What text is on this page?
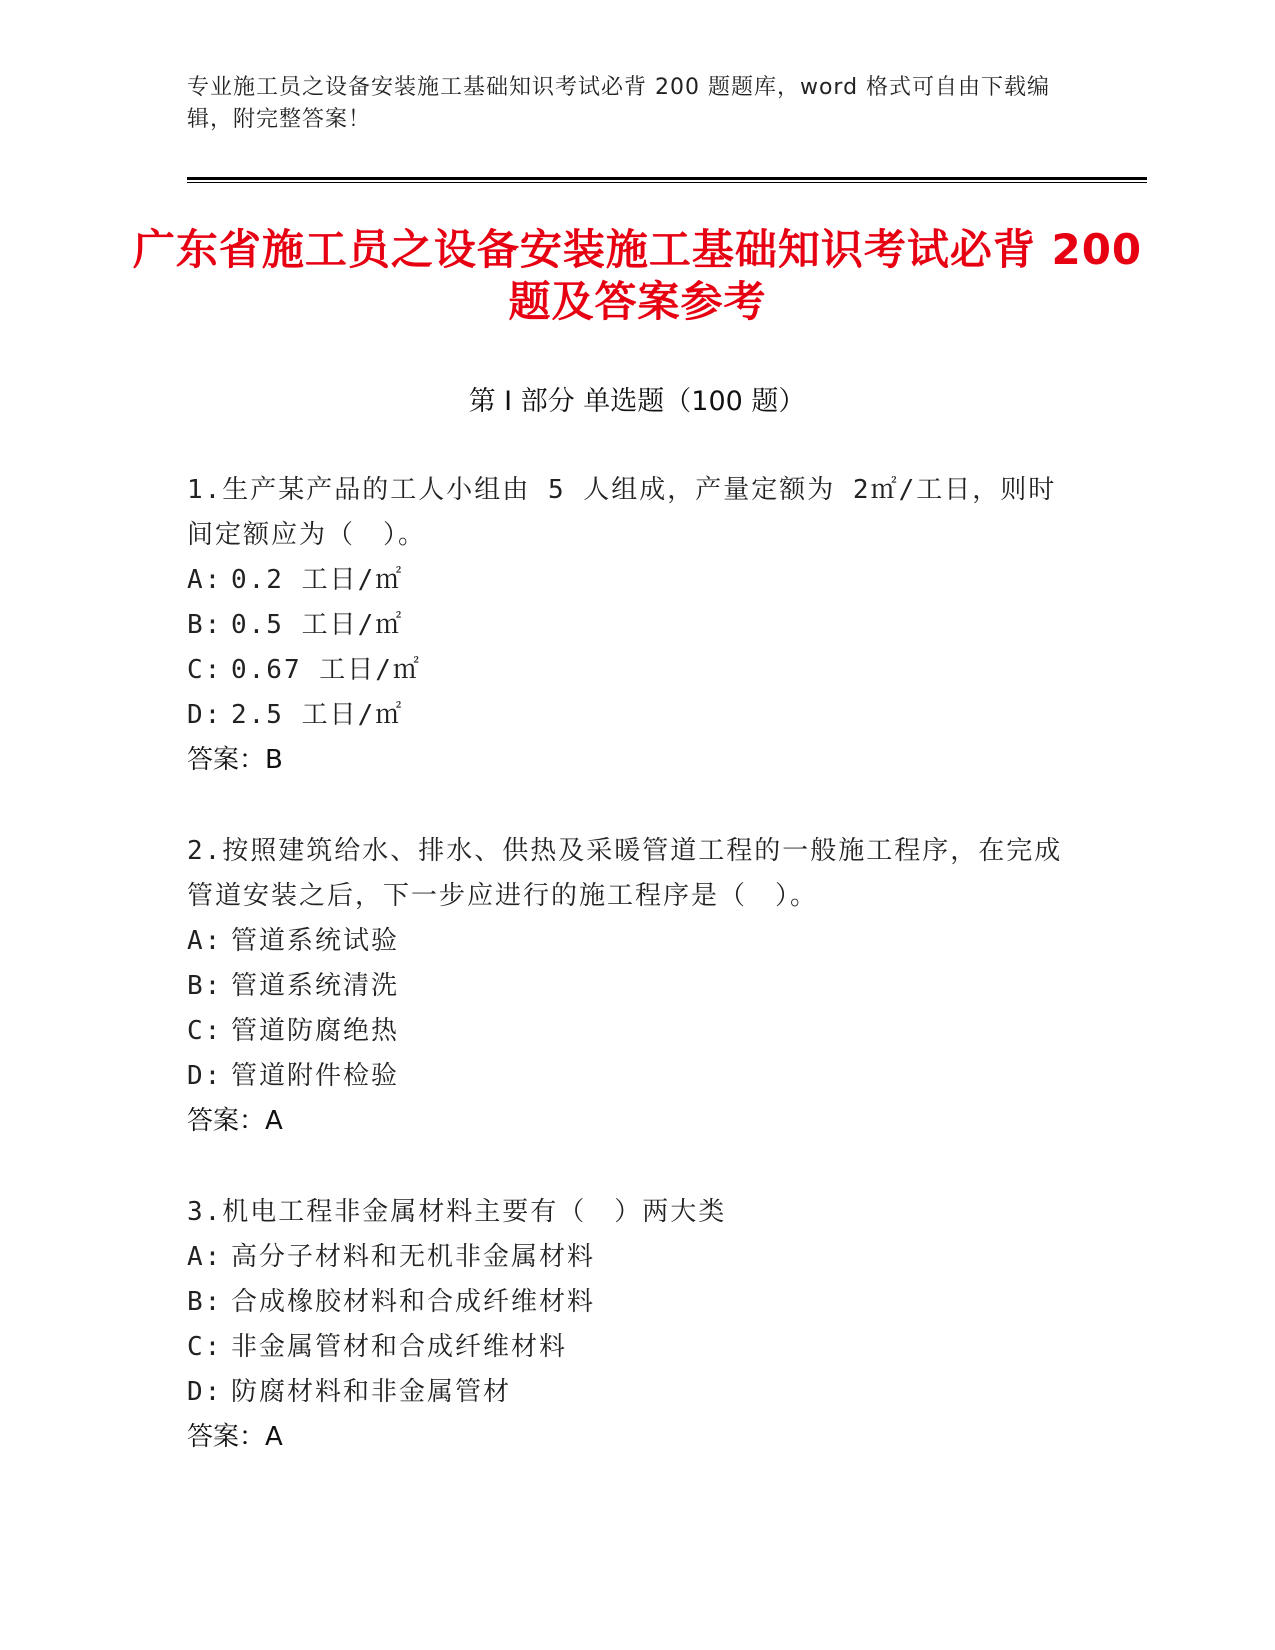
专业施工员之设备安装施工基础知识考试必背 200 题题库，word 格式可自由下载编辑，附完整答案！
广东省施工员之设备安装施工基础知识考试必背 200 题及答案参考
第 I 部分 单选题（100 题）

1.生产某产品的工人小组由 5 人组成，产量定额为 2㎡/工日，则时间定额应为（　）。

A: 0.2 工日/㎡
B: 0.5 工日/㎡
C: 0.67 工日/㎡
D: 2.5 工日/㎡
答案：B

2.按照建筑给水、排水、供热及采暖管道工程的一般施工程序，在完成管道安装之后，下一步应进行的施工程序是（　）。

A: 管道系统试验
B: 管道系统清洗
C: 管道防腐绝热
D: 管道附件检验
答案：A

3.机电工程非金属材料主要有（　）两大类

A: 高分子材料和无机非金属材料
B: 合成橡胶材料和合成纤维材料
C: 非金属管材和合成纤维材料
D: 防腐材料和非金属管材
答案：A
